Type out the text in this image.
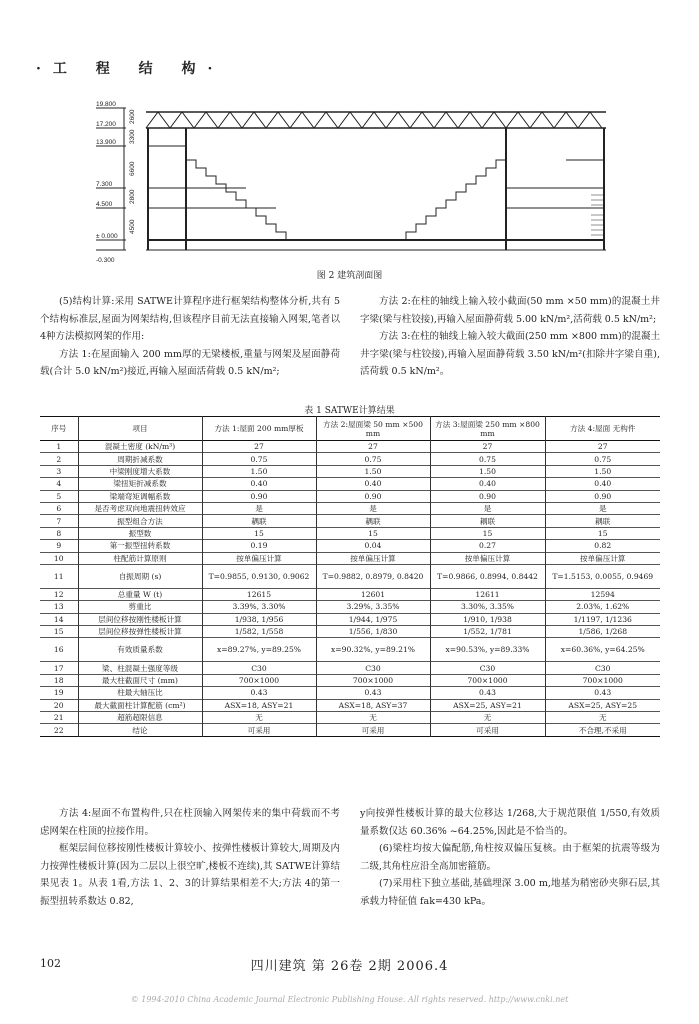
·工 程 结 构·
19.800
17.200
13.900
7.300
4.500
± 0.000
-0.300
2600
3300
6600
2800
4500
图 2 建筑剖面图

(5)结构计算:采用 SATWE计算程序进行框架结构整体分析,共有 5个结构标准层,屋面为网架结构,但该程序目前无法直接输入网架,笔者以 4种方法模拟网架的作用:

方法 1:在屋面输入 200 mm厚的无梁楼板,重量与网架及屋面静荷载(合计 5.0 kN/m²)接近,再输入屋面活荷载 0.5 kN/m²;

方法 2:在柱的轴线上输入较小截面(50 mm ×50 mm)的混凝土井字梁(梁与柱铰接),再输入屋面静荷载 5.00 kN/m²,活荷载 0.5 kN/m²;

方法 3:在柱的轴线上输入较大截面(250 mm ×800 mm)的混凝土井字梁(梁与柱铰接),再输入屋面静荷载 3.50 kN/m²(扣除井字梁自重),活荷载 0.5 kN/m²。

表 1 SATWE计算结果
序号	项目	方法 1:屋面 200 mm厚板	方法 2:屋面梁 50 mm ×500 mm	方法 3:屋面梁 250 mm ×800 mm	方法 4:屋面 无构件
1	混凝土密度 (kN/m³)	27	27	27	27
2	周期折减系数	0.75	0.75	0.75	0.75
3	中梁刚度增大系数	1.50	1.50	1.50	1.50
4	梁扭矩折减系数	0.40	0.40	0.40	0.40
5	梁端弯矩调幅系数	0.90	0.90	0.90	0.90
6	是否考虑双向地震扭转效应	是	是	是	是
7	振型组合方法	耦联	耦联	耦联	耦联
8	振型数	15	15	15	15
9	第一振型扭转系数	0.19	0.04	0.27	0.82
10	柱配筋计算原则	按单偏压计算	按单偏压计算	按单偏压计算	按单偏压计算
11	自振周期 (s)	T=0.9855, 0.9130, 0.9062	T=0.9882, 0.8979, 0.8420	T=0.9866, 0.8994, 0.8442	T=1.5153, 0.0055, 0.9469
12	总重量 W (t)	12615	12601	12611	12594
13	剪重比	3.39%, 3.30%	3.29%, 3.35%	3.30%, 3.35%	2.03%, 1.62%
14	层间位移按刚性楼板计算	1/938, 1/956	1/944, 1/975	1/910, 1/938	1/1197, 1/1236
15	层间位移按弹性楼板计算	1/582, 1/558	1/556, 1/830	1/552, 1/781	1/586, 1/268
16	有效质量系数	x=89.27%, y=89.25%	x=90.32%, y=89.21%	x=90.53%, y=89.33%	x=60.36%, y=64.25%
17	梁、柱混凝土强度等级	C30	C30	C30	C30
18	最大柱截面尺寸 (mm)	700×1000	700×1000	700×1000	700×1000
19	柱最大轴压比	0.43	0.43	0.43	0.43
20	最大截面柱计算配筋 (cm²)	ASX=18, ASY=21	ASX=18, ASY=37	ASX=25, ASY=21	ASX=25, ASY=25
21	超筋超限信息	无	无	无	无
22	结论	可采用	可采用	可采用	不合理,不采用

方法 4:屋面不布置构件,只在柱顶输入网架传来的集中荷载而不考虑网架在柱顶的拉接作用。

框架层间位移按刚性楼板计算较小、按弹性楼板计算较大,周期及内力按弹性楼板计算(因为二层以上很空旷,楼板不连续),其 SATWE计算结果见表 1。从表 1看,方法 1、2、3的计算结果相差不大;方法 4的第一振型扭转系数达 0.82,

y向按弹性楼板计算的最大位移达 1/268,大于规范限值 1/550,有效质量系数仅达 60.36% ~64.25%,因此是不恰当的。

(6)梁柱均按大偏配筋,角柱按双偏压复核。由于框架的抗震等级为二级,其角柱应沿全高加密箍筋。

(7)采用柱下独立基础,基础埋深 3.00 m,地基为稍密砂夹卵石层,其承载力特征值 fak=430 kPa。

102	四川建筑 第 26卷 2期 2006.4
© 1994-2010 China Academic Journal Electronic Publishing House. All rights reserved. http://www.cnki.net
